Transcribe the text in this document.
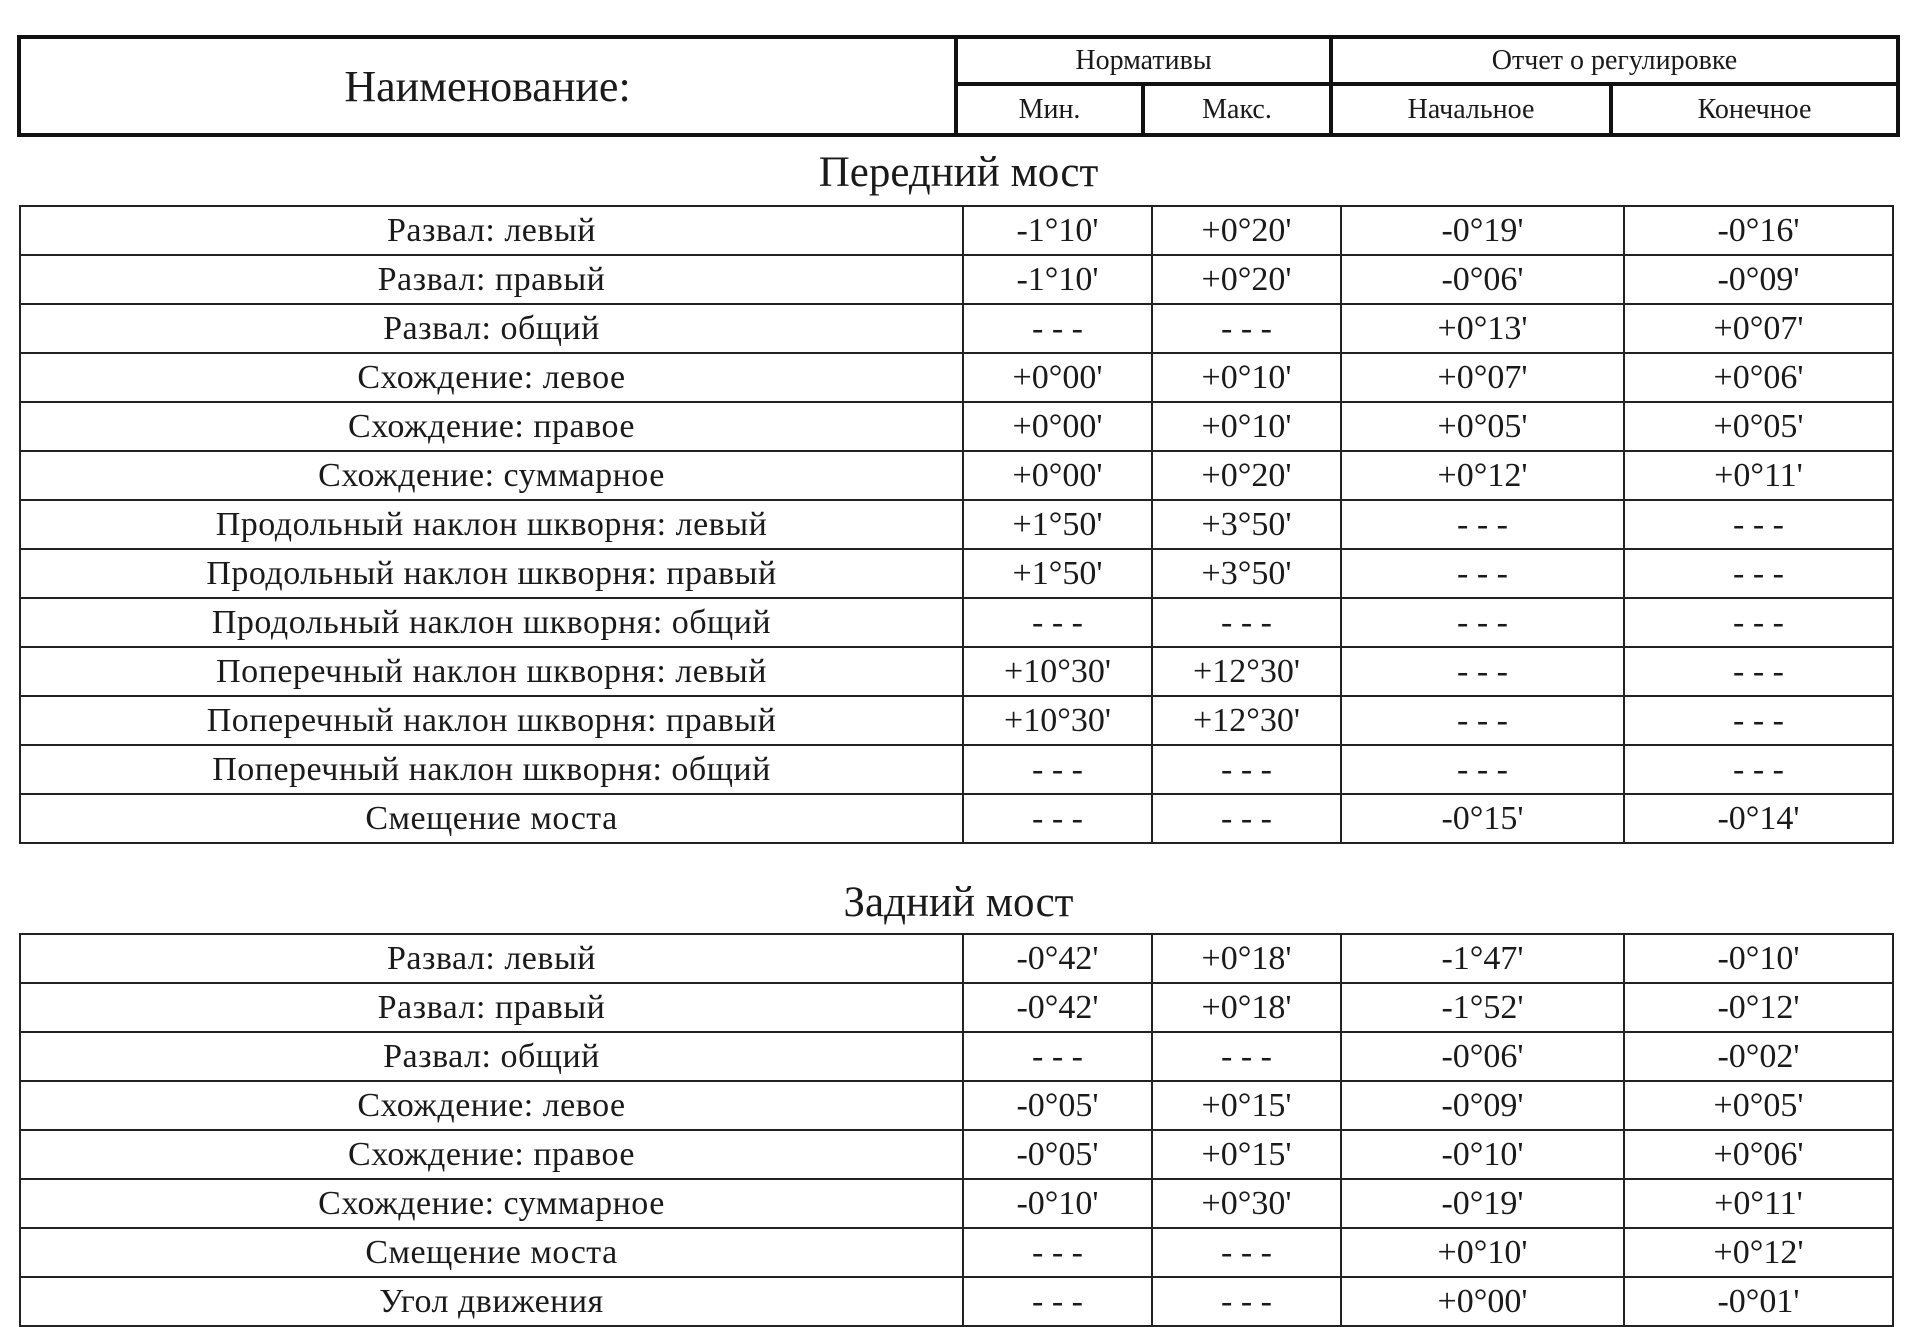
Наименование:
Нормативы	Отчет о регулировке
Мин.	Макс.	Начальное	Конечное
Передний мост
Развал: левый	-1°10'	+0°20'	-0°19'	-0°16'
Развал: правый	-1°10'	+0°20'	-0°06'	-0°09'
Развал: общий	- - -	- - -	+0°13'	+0°07'
Схождение: левое	+0°00'	+0°10'	+0°07'	+0°06'
Схождение: правое	+0°00'	+0°10'	+0°05'	+0°05'
Схождение: суммарное	+0°00'	+0°20'	+0°12'	+0°11'
Продольный наклон шкворня: левый	+1°50'	+3°50'	- - -	- - -
Продольный наклон шкворня: правый	+1°50'	+3°50'	- - -	- - -
Продольный наклон шкворня: общий	- - -	- - -	- - -	- - -
Поперечный наклон шкворня: левый	+10°30'	+12°30'	- - -	- - -
Поперечный наклон шкворня: правый	+10°30'	+12°30'	- - -	- - -
Поперечный наклон шкворня: общий	- - -	- - -	- - -	- - -
Смещение моста	- - -	- - -	-0°15'	-0°14'
Задний мост
Развал: левый	-0°42'	+0°18'	-1°47'	-0°10'
Развал: правый	-0°42'	+0°18'	-1°52'	-0°12'
Развал: общий	- - -	- - -	-0°06'	-0°02'
Схождение: левое	-0°05'	+0°15'	-0°09'	+0°05'
Схождение: правое	-0°05'	+0°15'	-0°10'	+0°06'
Схождение: суммарное	-0°10'	+0°30'	-0°19'	+0°11'
Смещение моста	- - -	- - -	+0°10'	+0°12'
Угол движения	- - -	- - -	+0°00'	-0°01'
